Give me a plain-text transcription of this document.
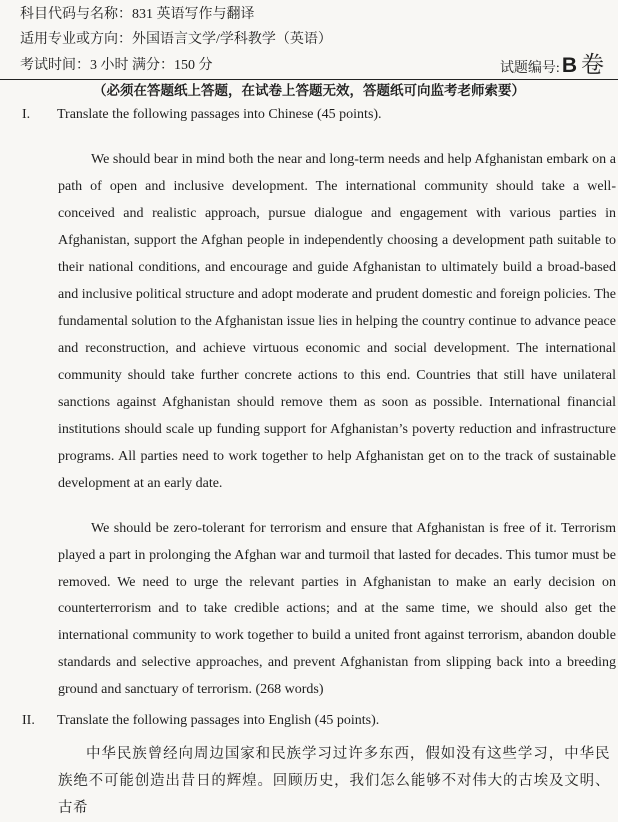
科目代码与名称：831 英语写作与翻译
适用专业或方向：外国语言文学/学科教学（英语）
考试时间：3 小时 满分：150 分	试题编号:B 卷
（必须在答题纸上答题，在试卷上答题无效，答题纸可向监考老师索要）
I. Translate the following passages into Chinese (45 points).

We should bear in mind both the near and long-term needs and help Afghanistan embark on a path of open and inclusive development. The international community should take a well-conceived and realistic approach, pursue dialogue and engagement with various parties in Afghanistan, support the Afghan people in independently choosing a development path suitable to their national conditions, and encourage and guide Afghanistan to ultimately build a broad-based and inclusive political structure and adopt moderate and prudent domestic and foreign policies. The fundamental solution to the Afghanistan issue lies in helping the country continue to advance peace and reconstruction, and achieve virtuous economic and social development. The international community should take further concrete actions to this end. Countries that still have unilateral sanctions against Afghanistan should remove them as soon as possible. International financial institutions should scale up funding support for Afghanistan’s poverty reduction and infrastructure programs. All parties need to work together to help Afghanistan get on to the track of sustainable development at an early date.

We should be zero-tolerant for terrorism and ensure that Afghanistan is free of it. Terrorism played a part in prolonging the Afghan war and turmoil that lasted for decades. This tumor must be removed. We need to urge the relevant parties in Afghanistan to make an early decision on counterterrorism and to take credible actions; and at the same time, we should also get the international community to work together to build a united front against terrorism, abandon double standards and selective approaches, and prevent Afghanistan from slipping back into a breeding ground and sanctuary of terrorism. (268 words)

II. Translate the following passages into English (45 points).

中华民族曾经向周边国家和民族学习过许多东西，假如没有这些学习，中华民族绝不可能创造出昔日的辉煌。回顾历史，我们怎么能够不对伟大的古埃及文明、古希
